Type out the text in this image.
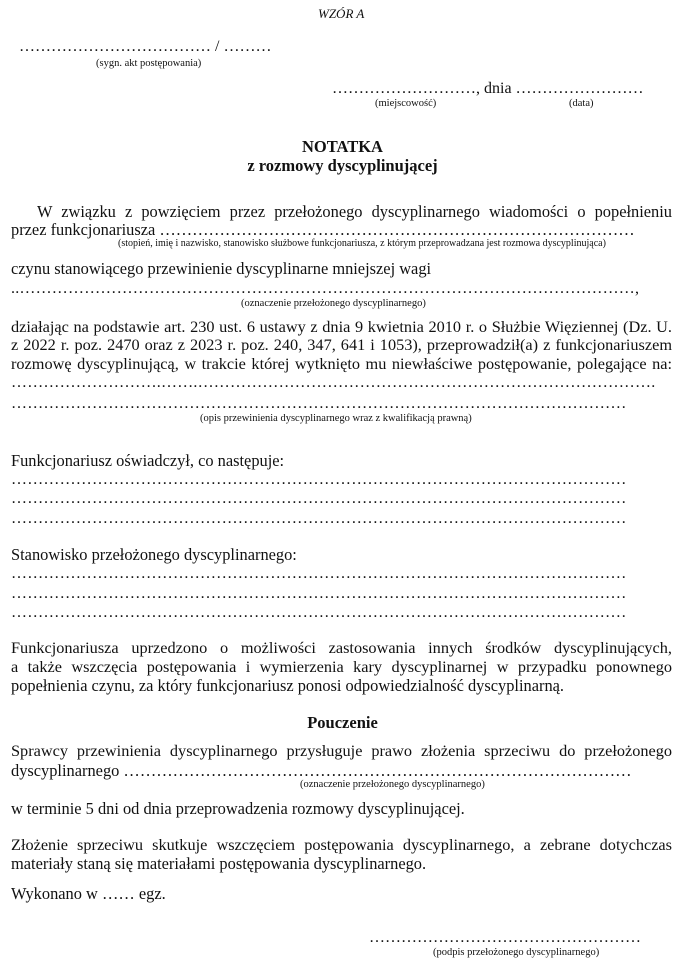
WZÓR A
……………………………… / ………
(sygn. akt postępowania)
………………………, dnia ……………………
(miejscowość)	(data)
NOTATKA
z rozmowy dyscyplinującej
W związku z powzięciem przez przełożonego dyscyplinarnego wiadomości o popełnieniu
przez funkcjonariusza ……………………………………………………………………………
(stopień, imię i nazwisko, stanowisko służbowe funkcjonariusza, z którym przeprowadzana jest rozmowa dyscyplinująca)
czynu stanowiącego przewinienie dyscyplinarne mniejszej wagi
..……………………………………………………………………………………………………,
(oznaczenie przełożonego dyscyplinarnego)
działając na podstawie art. 230 ust. 6 ustawy z dnia 9 kwietnia 2010 r. o Służbie Więziennej (Dz. U.
z 2022 r. poz. 2470 oraz z 2023 r. poz. 240, 347, 641 i 1053), przeprowadził(a) z funkcjonariuszem
rozmowę dyscyplinującą, w trakcie której wytknięto mu niewłaściwe postępowanie, polegające na:
……………………….…….………………………………………………………………………….
……………………………………………………………………………………………………
(opis przewinienia dyscyplinarnego wraz z kwalifikacją prawną)
Funkcjonariusz oświadczył, co następuje:
……………………………………………………………………………………………………
……………………………………………………………………………………………………
……………………………………………………………………………………………………
Stanowisko przełożonego dyscyplinarnego:
……………………………………………………………………………………………………
……………………………………………………………………………………………………
……………………………………………………………………………………………………
Funkcjonariusza uprzedzono o możliwości zastosowania innych środków dyscyplinujących,
a także wszczęcia postępowania i wymierzenia kary dyscyplinarnej w przypadku ponownego
popełnienia czynu, za który funkcjonariusz ponosi odpowiedzialność dyscyplinarną.
Pouczenie
Sprawcy przewinienia dyscyplinarnego przysługuje prawo złożenia sprzeciwu do przełożonego
dyscyplinarnego …………………………………………………………………………………
(oznaczenie przełożonego dyscyplinarnego)
w terminie 5 dni od dnia przeprowadzenia rozmowy dyscyplinującej.
Złożenie sprzeciwu skutkuje wszczęciem postępowania dyscyplinarnego, a zebrane dotychczas
materiały staną się materiałami postępowania dyscyplinarnego.
Wykonano w …… egz.
……………………………………………
(podpis przełożonego dyscyplinarnego)
